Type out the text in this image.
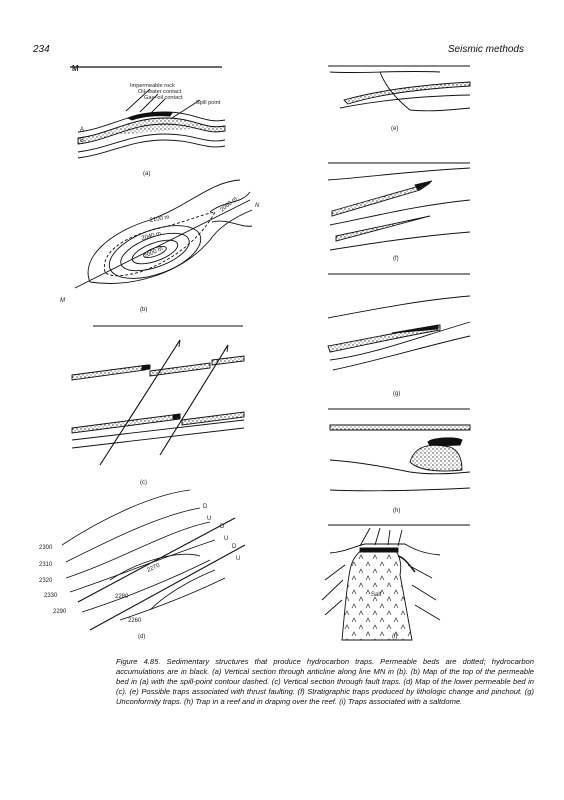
234	Seismic methods
M
A
B
Impermeable rock
Oil–water contact
Gas–oil contact
Spill point
(a)
N
M
2100 m
2000 m
2060 m
2040 m
(b)
(c)
2300
2310
2320
2330
2290
2280
2270
2260
D
U
D
U
D
U
(d)
(e)
(f)
(g)
(h)
Salt
(i)
Figure 4.85. Sedimentary structures that produce hydrocarbon traps. Permeable beds are dotted; hydrocarbon accumulations are in black. (a) Vertical section through anticline along line MN in (b). (b) Map of the top of the permeable bed in (a) with the spill-point contour dashed. (c) Vertical section through fault traps. (d) Map of the lower permeable bed in (c). (e) Possible traps associated with thrust faulting. (f) Stratigraphic traps produced by lithologic change and pinchout. (g) Unconformity traps. (h) Trap in a reef and in draping over the reef. (i) Traps associated with a saltdome.
